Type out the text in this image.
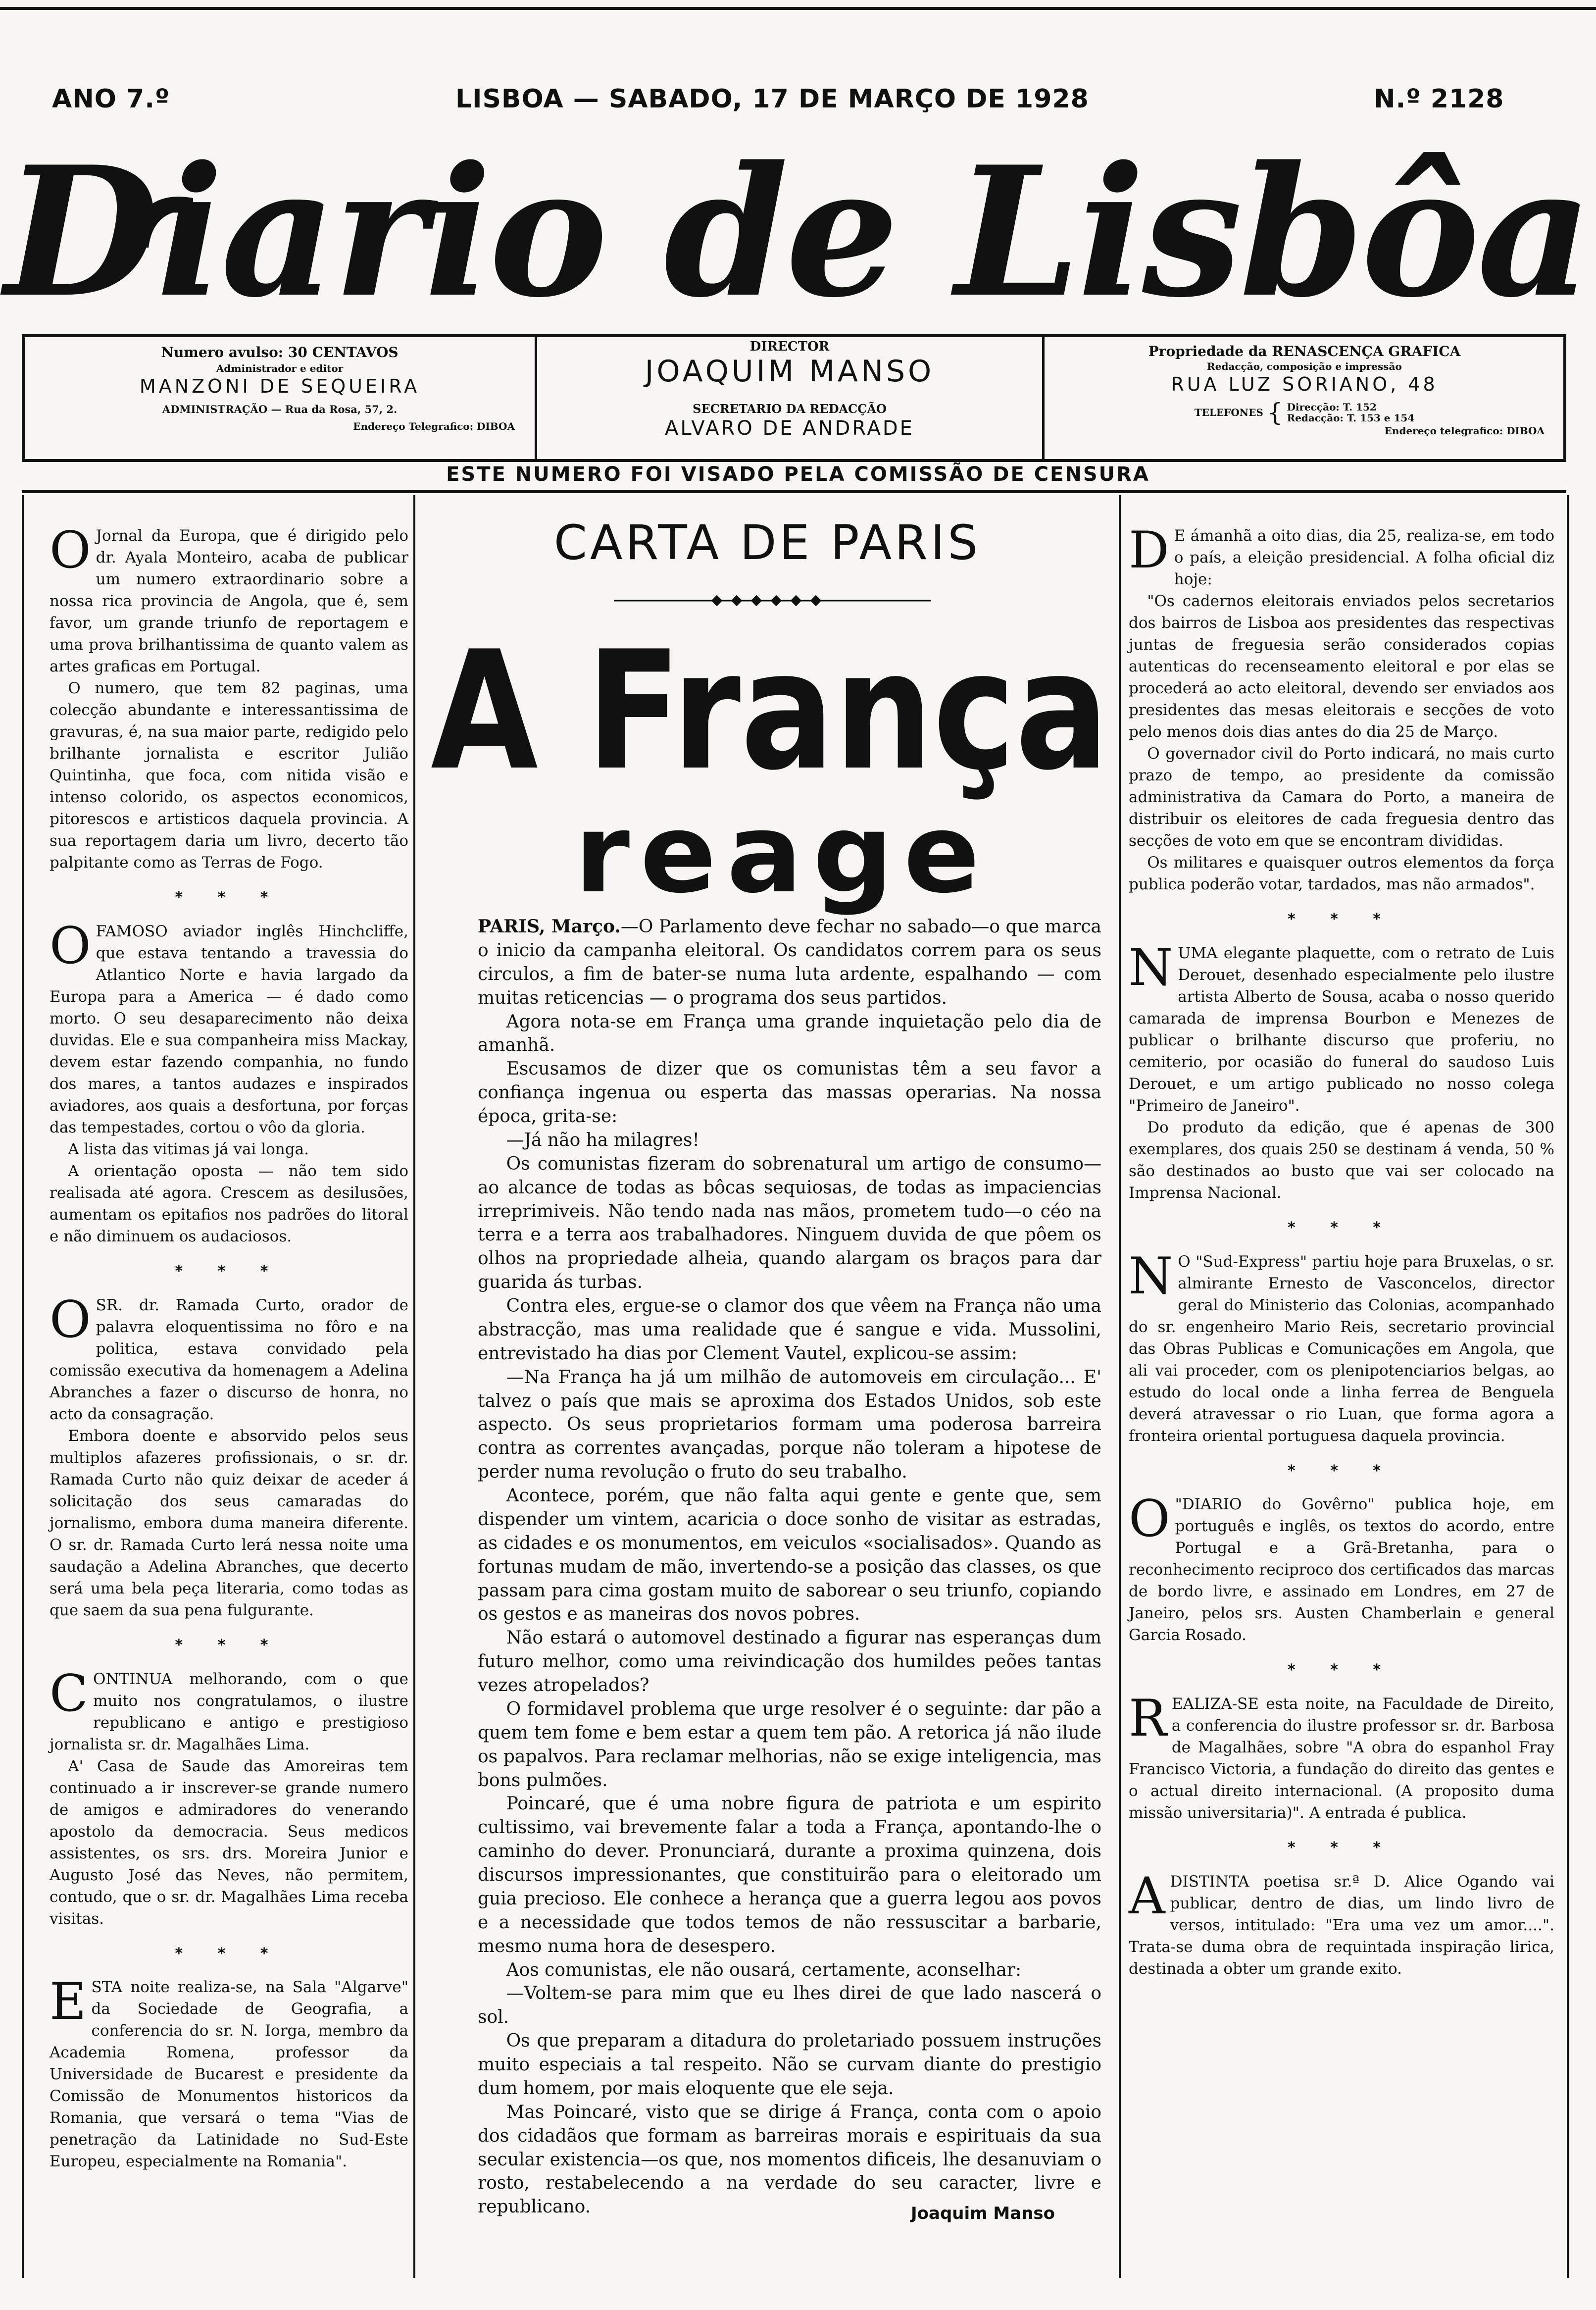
ANO 7.º	LISBOA — SABADO, 17 DE MARÇO DE 1928	N.º 2128
Diario de Lisbôa
Numero avulso: 30 CENTAVOS
Administrador e editor
MANZONI DE SEQUEIRA
ADMINISTRAÇÃO — Rua da Rosa, 57, 2.
Endereço Telegrafico: DIBOA
DIRECTOR
JOAQUIM MANSO
SECRETARIO DA REDACÇÃO
ALVARO DE ANDRADE
Propriedade da RENASCENÇA GRAFICA
Redacção, composição e impressão
RUA LUZ SORIANO, 48
TELEFONES { Direcção: T. 152
Redacção: T. 153 e 154
Endereço telegrafico: DIBOA
ESTE NUMERO FOI VISADO PELA COMISSÃO DE CENSURA

O Jornal da Europa, que é dirigido pelo dr. Ayala Monteiro, acaba de publicar um numero extraordinario sobre a nossa rica provincia de Angola, que é, sem favor, um grande triunfo de reportagem e uma prova brilhantissima de quanto valem as artes graficas em Portugal.

O numero, que tem 82 paginas, uma colecção abundante e interessantissima de gravuras, é, na sua maior parte, redigido pelo brilhante jornalista e escritor Julião Quintinha, que foca, com nitida visão e intenso colorido, os aspectos economicos, pitorescos e artisticos daquela provincia. A sua reportagem daria um livro, decerto tão palpitante como as Terras de Fogo.

* * *

OFAMOSO aviador inglês Hinchcliffe, que estava tentando a travessia do Atlantico Norte e havia largado da Europa para a America — é dado como morto. O seu desaparecimento não deixa duvidas. Ele e sua companheira miss Mackay, devem estar fazendo companhia, no fundo dos mares, a tantos audazes e inspirados aviadores, aos quais a desfortuna, por forças das tempestades, cortou o vôo da gloria.

A lista das vitimas já vai longa.

A orientação oposta — não tem sido realisada até agora. Crescem as desilusões, aumentam os epitafios nos padrões do litoral e não diminuem os audaciosos.

* * *

OSR. dr. Ramada Curto, orador de palavra eloquentissima no fôro e na politica, estava convidado pela comissão executiva da homenagem a Adelina Abranches a fazer o discurso de honra, no acto da consagração.

Embora doente e absorvido pelos seus multiplos afazeres profissionais, o sr. dr. Ramada Curto não quiz deixar de aceder á solicitação dos seus camaradas do jornalismo, embora duma maneira diferente. O sr. dr. Ramada Curto lerá nessa noite uma saudação a Adelina Abranches, que decerto será uma bela peça literaria, como todas as que saem da sua pena fulgurante.

* * *

CONTINUA melhorando, com o que muito nos congratulamos, o ilustre republicano e antigo e prestigioso jornalista sr. dr. Magalhães Lima.

A' Casa de Saude das Amoreiras tem continuado a ir inscrever-se grande numero de amigos e admiradores do venerando apostolo da democracia. Seus medicos assistentes, os srs. drs. Moreira Junior e Augusto José das Neves, não permitem, contudo, que o sr. dr. Magalhães Lima receba visitas.

* * *

ESTA noite realiza-se, na Sala "Algarve" da Sociedade de Geografia, a conferencia do sr. N. Iorga, membro da Academia Romena, professor da Universidade de Bucarest e presidente da Comissão de Monumentos historicos da Romania, que versará o tema "Vias de penetração da Latinidade no Sud-Este Europeu, especialmente na Romania".

CARTA DE PARIS
A França
reage

PARIS, Março.—O Parlamento deve fechar no sabado—o que marca o inicio da campanha eleitoral. Os candidatos correm para os seus circulos, a fim de bater-se numa luta ardente, espalhando — com muitas reticencias — o programa dos seus partidos.

Agora nota-se em França uma grande inquietação pelo dia de amanhã.

Escusamos de dizer que os comunistas têm a seu favor a confiança ingenua ou esperta das massas operarias. Na nossa época, grita-se:

—Já não ha milagres!

Os comunistas fizeram do sobrenatural um artigo de consumo—ao alcance de todas as bôcas sequiosas, de todas as impaciencias irreprimiveis. Não tendo nada nas mãos, prometem tudo—o céo na terra e a terra aos trabalhadores. Ninguem duvida de que pôem os olhos na propriedade alheia, quando alargam os braços para dar guarida ás turbas.

Contra eles, ergue-se o clamor dos que vêem na França não uma abstracção, mas uma realidade que é sangue e vida. Mussolini, entrevistado ha dias por Clement Vautel, explicou-se assim:

—Na França ha já um milhão de automoveis em circulação... E' talvez o país que mais se aproxima dos Estados Unidos, sob este aspecto. Os seus proprietarios formam uma poderosa barreira contra as correntes avançadas, porque não toleram a hipotese de perder numa revolução o fruto do seu trabalho.

Acontece, porém, que não falta aqui gente e gente que, sem dispender um vintem, acaricia o doce sonho de visitar as estradas, as cidades e os monumentos, em veiculos «socialisados». Quando as fortunas mudam de mão, invertendo-se a posição das classes, os que passam para cima gostam muito de saborear o seu triunfo, copiando os gestos e as maneiras dos novos pobres.

Não estará o automovel destinado a figurar nas esperanças dum futuro melhor, como uma reivindicação dos humildes peões tantas vezes atropelados?

O formidavel problema que urge resolver é o seguinte: dar pão a quem tem fome e bem estar a quem tem pão. A retorica já não ilude os papalvos. Para reclamar melhorias, não se exige inteligencia, mas bons pulmões.

Poincaré, que é uma nobre figura de patriota e um espirito cultissimo, vai brevemente falar a toda a França, apontando-lhe o caminho do dever. Pronunciará, durante a proxima quinzena, dois discursos impressionantes, que constituirão para o eleitorado um guia precioso. Ele conhece a herança que a guerra legou aos povos e a necessidade que todos temos de não ressuscitar a barbarie, mesmo numa hora de desespero.

Aos comunistas, ele não ousará, certamente, aconselhar:

—Voltem-se para mim que eu lhes direi de que lado nascerá o sol.

Os que preparam a ditadura do proletariado possuem instruções muito especiais a tal respeito. Não se curvam diante do prestigio dum homem, por mais eloquente que ele seja.

Mas Poincaré, visto que se dirige á França, conta com o apoio dos cidadãos que formam as barreiras morais e espirituais da sua secular existencia—os que, nos momentos dificeis, lhe desanuviam o rosto, restabelecendo a na verdade do seu caracter, livre e republicano.	Joaquim Manso

D E ámanhã a oito dias, dia 25, realiza-se, em todo o país, a eleição presidencial. A folha oficial diz hoje:

"Os cadernos eleitorais enviados pelos secretarios dos bairros de Lisboa aos presidentes das respectivas juntas de freguesia serão considerados copias autenticas do recenseamento eleitoral e por elas se procederá ao acto eleitoral, devendo ser enviados aos presidentes das mesas eleitorais e secções de voto pelo menos dois dias antes do dia 25 de Março.

O governador civil do Porto indicará, no mais curto prazo de tempo, ao presidente da comissão administrativa da Camara do Porto, a maneira de distribuir os eleitores de cada freguesia dentro das secções de voto em que se encontram divididas.

Os militares e quaisquer outros elementos da força publica poderão votar, tardados, mas não armados".

* * *

NUMA elegante plaquette, com o retrato de Luis Derouet, desenhado especialmente pelo ilustre artista Alberto de Sousa, acaba o nosso querido camarada de imprensa Bourbon e Menezes de publicar o brilhante discurso que proferiu, no cemiterio, por ocasião do funeral do saudoso Luis Derouet, e um artigo publicado no nosso colega "Primeiro de Janeiro".

Do produto da edição, que é apenas de 300 exemplares, dos quais 250 se destinam á venda, 50 % são destinados ao busto que vai ser colocado na Imprensa Nacional.

* * *

N O "Sud-Express" partiu hoje para Bruxelas, o sr. almirante Ernesto de Vasconcelos, director geral do Ministerio das Colonias, acompanhado do sr. engenheiro Mario Reis, secretario provincial das Obras Publicas e Comunicações em Angola, que ali vai proceder, com os plenipotenciarios belgas, ao estudo do local onde a linha ferrea de Benguela deverá atravessar o rio Luan, que forma agora a fronteira oriental portuguesa daquela provincia.

* * *

O "DIARIO do Govêrno" publica hoje, em português e inglês, os textos do acordo, entre Portugal e a Grã-Bretanha, para o reconhecimento reciproco dos certificados das marcas de bordo livre, e assinado em Londres, em 27 de Janeiro, pelos srs. Austen Chamberlain e general Garcia Rosado.

* * *

REALIZA-SE esta noite, na Faculdade de Direito, a conferencia do ilustre professor sr. dr. Barbosa de Magalhães, sobre "A obra do espanhol Fray Francisco Victoria, a fundação do direito das gentes e o actual direito internacional. (A proposito duma missão universitaria)". A entrada é publica.

* * *

ADISTINTA poetisa sr.ª D. Alice Ogando vai publicar, dentro de dias, um lindo livro de versos, intitulado: "Era uma vez um amor....". Trata-se duma obra de requintada inspiração lirica, destinada a obter um grande exito.
